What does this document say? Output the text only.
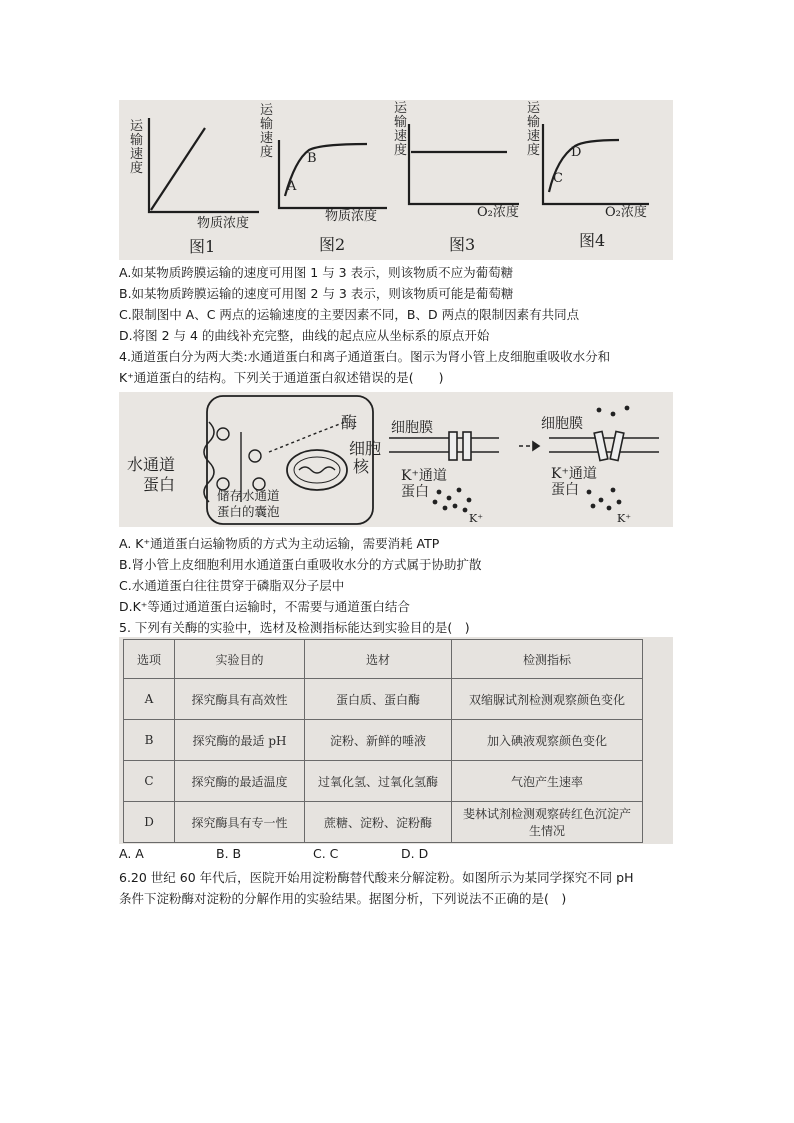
运
输
速
度
运
输
速
度
运
输
速
度
运
输
速
度
物质浓度	物质浓度	O₂浓度	O₂浓度
A
B
C
D
图1	图2	图3	图4
A.如某物质跨膜运输的速度可用图 1 与 3 表示，则该物质不应为葡萄糖
B.如某物质跨膜运输的速度可用图 2 与 3 表示，则该物质可能是葡萄糖
C.限制图中 A、C 两点的运输速度的主要因素不同，B、D 两点的限制因素有共同点
D.将图 2 与 4 的曲线补充完整，曲线的起点应从坐标系的原点开始
4.通道蛋白分为两大类:水通道蛋白和离子通道蛋白。图示为肾小管上皮细胞重吸收水分和
K⁺通道蛋白的结构。下列关于通道蛋白叙述错误的是(　　)
水通道
蛋白
酶
细胞
核
储存水通道
蛋白的囊泡
细胞膜
K⁺通道
蛋白
细胞膜
K⁺通道
蛋白
K⁺	K⁺
A. K⁺通道蛋白运输物质的方式为主动运输，需要消耗 ATP
B.肾小管上皮细胞利用水通道蛋白重吸收水分的方式属于协助扩散
C.水通道蛋白往往贯穿于磷脂双分子层中
D.K⁺等通过通道蛋白运输时，不需要与通道蛋白结合
5. 下列有关酶的实验中，选材及检测指标能达到实验目的是(　)
选项	实验目的	选材	检测指标
A	探究酶具有高效性	蛋白质、蛋白酶	双缩脲试剂检测观察颜色变化
B	探究酶的最适 pH	淀粉、新鲜的唾液	加入碘液观察颜色变化
C	探究酶的最适温度	过氧化氢、过氧化氢酶	气泡产生速率
D	探究酶具有专一性	蔗糖、淀粉、淀粉酶	斐林试剂检测观察砖红色沉淀产生情况
A. A	B. B	C. C	D. D
6.20 世纪 60 年代后，医院开始用淀粉酶替代酸来分解淀粉。如图所示为某同学探究不同 pH
条件下淀粉酶对淀粉的分解作用的实验结果。据图分析，下列说法不正确的是(　)
